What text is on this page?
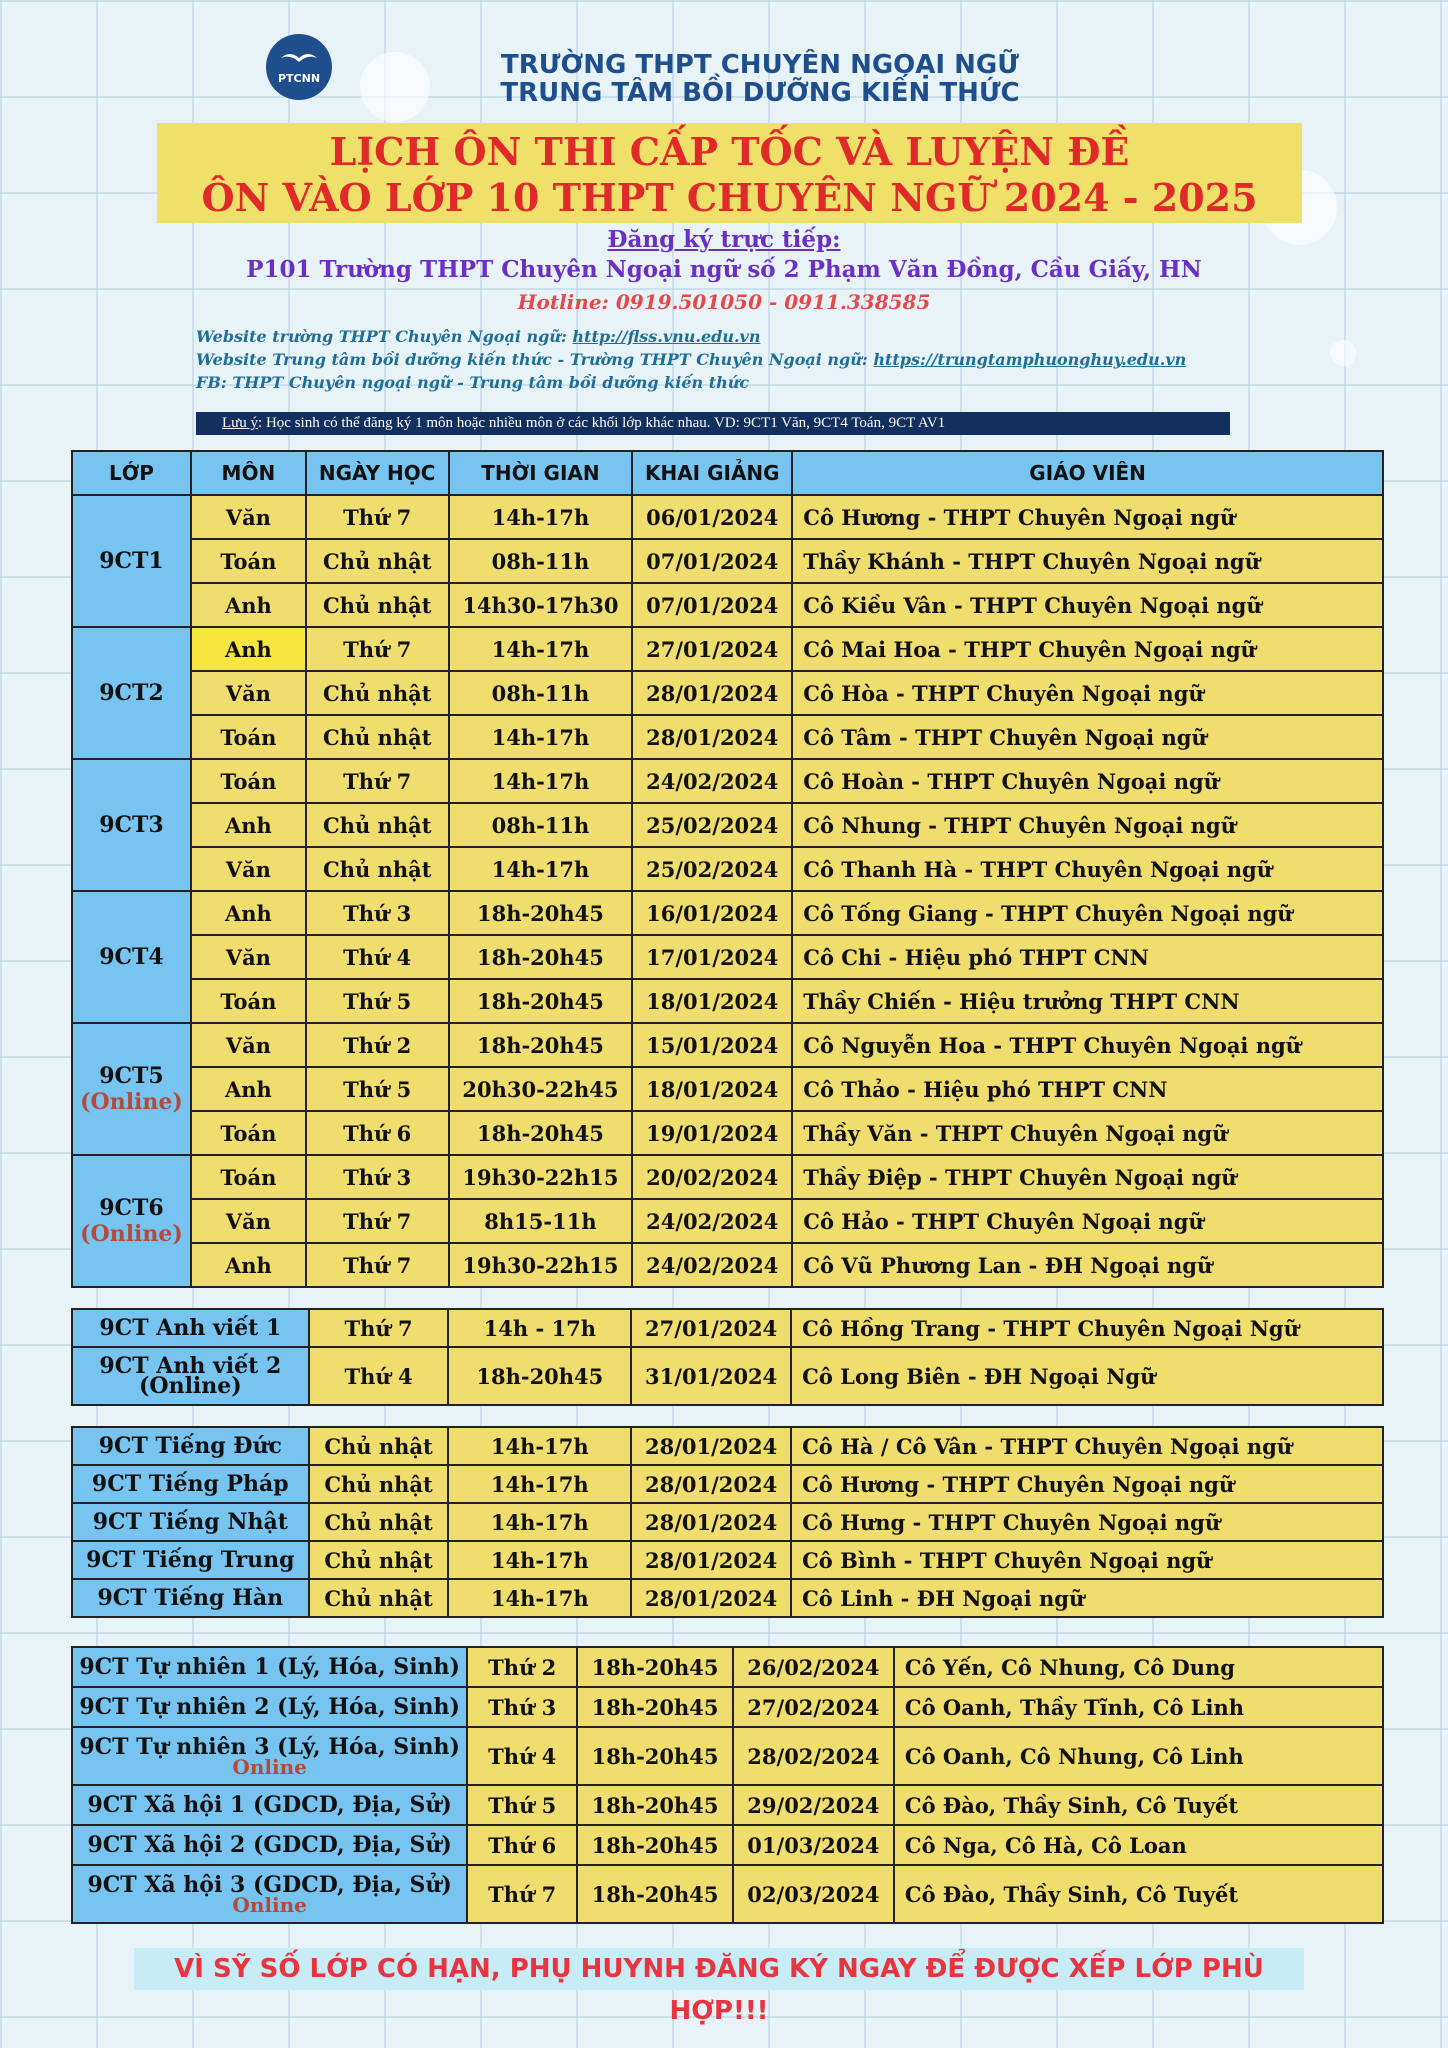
PTCNN	TRƯỜNG THPT CHUYÊN NGOẠI NGỮ
TRUNG TÂM BỒI DƯỠNG KIẾN THỨC
LỊCH ÔN THI CẤP TỐC VÀ LUYỆN ĐỀ
ÔN VÀO LỚP 10 THPT CHUYÊN NGỮ 2024 - 2025
Đăng ký trực tiếp:
P101 Trường THPT Chuyên Ngoại ngữ số 2 Phạm Văn Đồng, Cầu Giấy, HN
Hotline: 0919.501050 - 0911.338585
Website trường THPT Chuyên Ngoại ngữ: http://flss.vnu.edu.vn
Website Trung tâm bồi dưỡng kiến thức - Trường THPT Chuyên Ngoại ngữ: https://trungtamphuonghuy.edu.vn
FB: THPT Chuyên ngoại ngữ - Trung tâm bồi dưỡng kiến thức
Lưu ý: Học sinh có thể đăng ký 1 môn hoặc nhiều môn ở các khối lớp khác nhau. VD: 9CT1 Văn, 9CT4 Toán, 9CT AV1
LỚP	MÔN	NGÀY HỌC	THỜI GIAN	KHAI GIẢNG	GIÁO VIÊN

9CT1	Văn	Thứ 7	14h-17h	06/01/2024	Cô Hương - THPT Chuyên Ngoại ngữ
	Toán	Chủ nhật	08h-11h	07/01/2024	Thầy Khánh - THPT Chuyên Ngoại ngữ
	Anh	Chủ nhật	14h30-17h30	07/01/2024	Cô Kiều Vân - THPT Chuyên Ngoại ngữ

9CT2	Anh	Thứ 7	14h-17h	27/01/2024	Cô Mai Hoa - THPT Chuyên Ngoại ngữ
	Văn	Chủ nhật	08h-11h	28/01/2024	Cô Hòa - THPT Chuyên Ngoại ngữ
	Toán	Chủ nhật	14h-17h	28/01/2024	Cô Tâm - THPT Chuyên Ngoại ngữ

9CT3	Toán	Thứ 7	14h-17h	24/02/2024	Cô Hoàn - THPT Chuyên Ngoại ngữ
	Anh	Chủ nhật	08h-11h	25/02/2024	Cô Nhung - THPT Chuyên Ngoại ngữ
	Văn	Chủ nhật	14h-17h	25/02/2024	Cô Thanh Hà - THPT Chuyên Ngoại ngữ

9CT4	Anh	Thứ 3	18h-20h45	16/01/2024	Cô Tống Giang - THPT Chuyên Ngoại ngữ
	Văn	Thứ 4	18h-20h45	17/01/2024	Cô Chi - Hiệu phó THPT CNN
	Toán	Thứ 5	18h-20h45	18/01/2024	Thầy Chiến - Hiệu trưởng THPT CNN

9CT5
(Online)	Văn	Thứ 2	18h-20h45	15/01/2024	Cô Nguyễn Hoa - THPT Chuyên Ngoại ngữ
	Anh	Thứ 5	20h30-22h45	18/01/2024	Cô Thảo - Hiệu phó THPT CNN
	Toán	Thứ 6	18h-20h45	19/01/2024	Thầy Văn - THPT Chuyên Ngoại ngữ

9CT6
(Online)	Toán	Thứ 3	19h30-22h15	20/02/2024	Thầy Điệp - THPT Chuyên Ngoại ngữ
	Văn	Thứ 7	8h15-11h	24/02/2024	Cô Hảo - THPT Chuyên Ngoại ngữ
	Anh	Thứ 7	19h30-22h15	24/02/2024	Cô Vũ Phương Lan - ĐH Ngoại ngữ
9CT Anh viết 1	Thứ 7	14h - 17h	27/01/2024	Cô Hồng Trang - THPT Chuyên Ngoại Ngữ

9CT Anh viết 2
(Online)	Thứ 4	18h-20h45	31/01/2024	Cô Long Biên - ĐH Ngoại Ngữ
9CT Tiếng Đức	Chủ nhật	14h-17h	28/01/2024	Cô Hà / Cô Vân - THPT Chuyên Ngoại ngữ
9CT Tiếng Pháp	Chủ nhật	14h-17h	28/01/2024	Cô Hương - THPT Chuyên Ngoại ngữ
9CT Tiếng Nhật	Chủ nhật	14h-17h	28/01/2024	Cô Hưng - THPT Chuyên Ngoại ngữ
9CT Tiếng Trung	Chủ nhật	14h-17h	28/01/2024	Cô Bình - THPT Chuyên Ngoại ngữ
9CT Tiếng Hàn	Chủ nhật	14h-17h	28/01/2024	Cô Linh - ĐH Ngoại ngữ
9CT Tự nhiên 1 (Lý, Hóa, Sinh)	Thứ 2	18h-20h45	26/02/2024	Cô Yến, Cô Nhung, Cô Dung

9CT Tự nhiên 2 (Lý, Hóa, Sinh)	Thứ 3	18h-20h45	27/02/2024	Cô Oanh, Thầy Tĩnh, Cô Linh

9CT Tự nhiên 3 (Lý, Hóa, Sinh)
Online	Thứ 4	18h-20h45	28/02/2024	Cô Oanh, Cô Nhung, Cô Linh

9CT Xã hội 1 (GDCD, Địa, Sử)	Thứ 5	18h-20h45	29/02/2024	Cô Đào, Thầy Sinh, Cô Tuyết

9CT Xã hội 2 (GDCD, Địa, Sử)	Thứ 6	18h-20h45	01/03/2024	Cô Nga, Cô Hà, Cô Loan

9CT Xã hội 3 (GDCD, Địa, Sử)
Online	Thứ 7	18h-20h45	02/03/2024	Cô Đào, Thầy Sinh, Cô Tuyết
VÌ SỸ SỐ LỚP CÓ HẠN, PHỤ HUYNH ĐĂNG KÝ NGAY ĐỂ ĐƯỢC XẾP LỚP PHÙ HỢP!!!
